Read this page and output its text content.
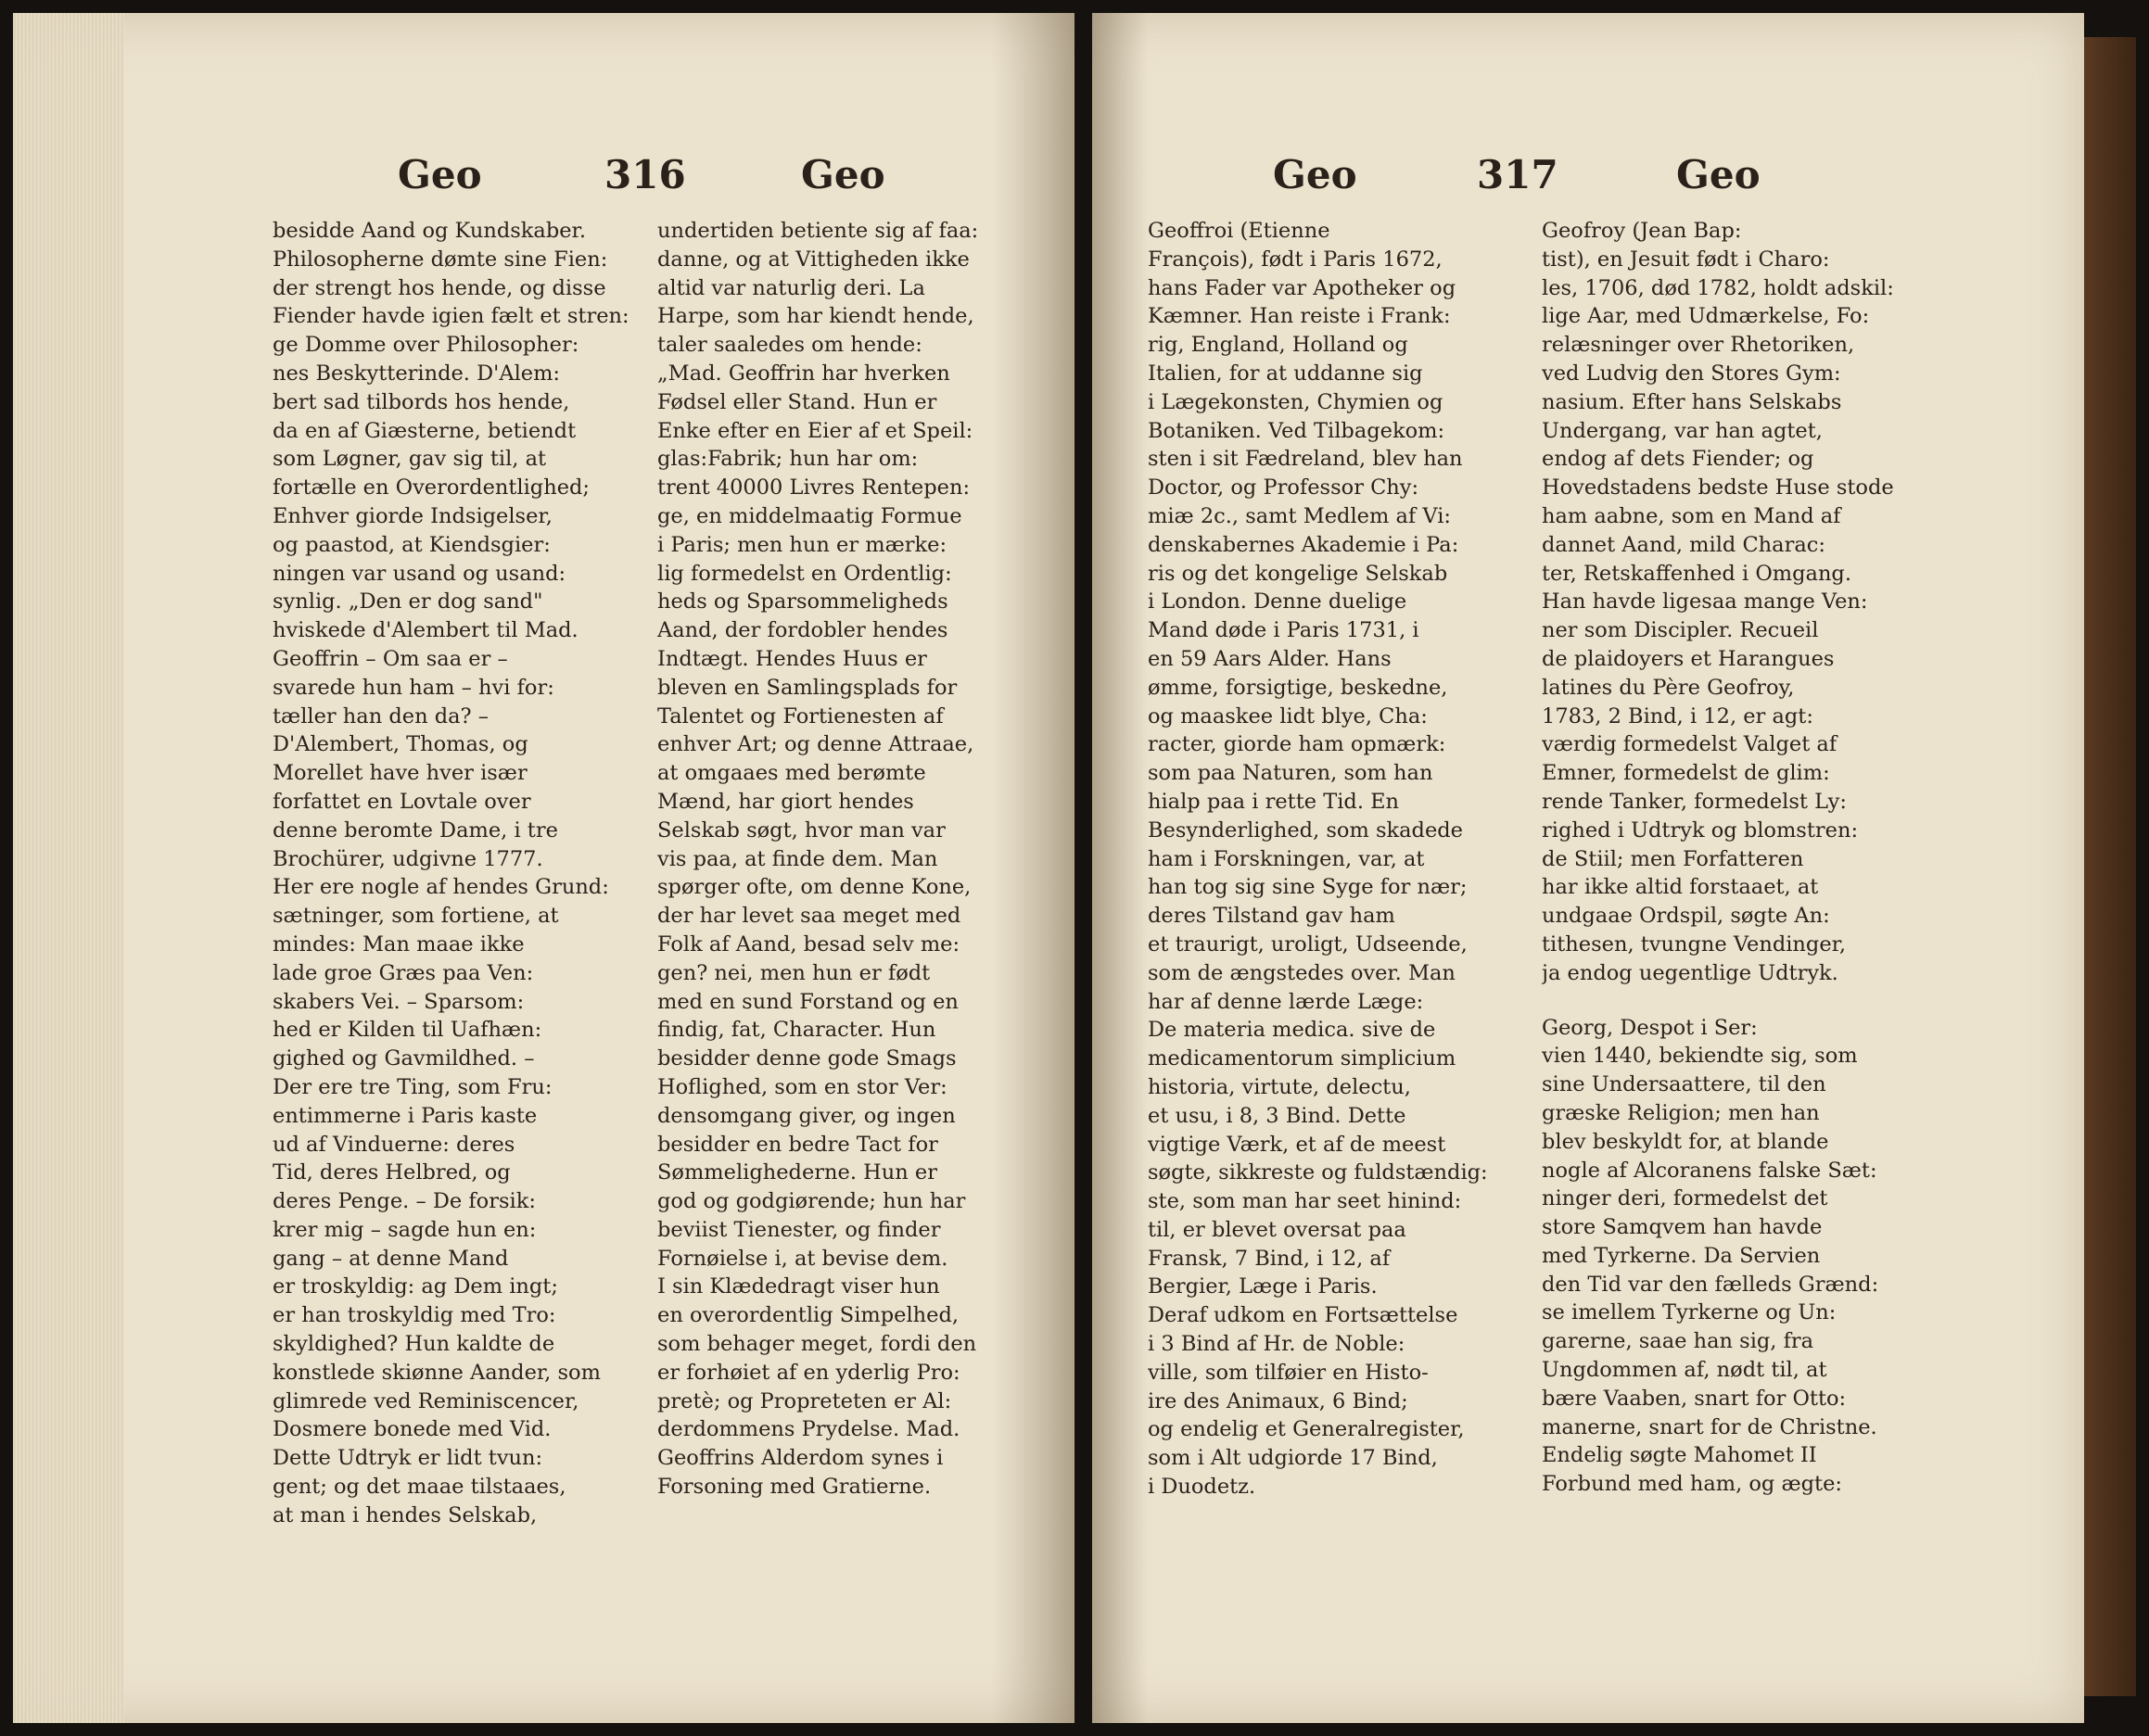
Geo	316	Geo
besidde Aand og Kundskaber.
Philosopherne dømte sine Fien:
der strengt hos hende, og disse
Fiender havde igien fælt et stren:
ge Domme over Philosopher:
nes Beskytterinde. D'Alem:
bert sad tilbords hos hende,
da en af Giæsterne, betiendt
som Løgner, gav sig til, at
fortælle en Overordentlighed;
Enhver giorde Indsigelser,
og paastod, at Kiendsgier:
ningen var usand og usand:
synlig. „Den er dog sand"
hviskede d'Alembert til Mad.
Geoffrin – Om saa er –
svarede hun ham – hvi for:
tæller han den da? –
D'Alembert, Thomas, og
Morellet have hver især
forfattet en Lovtale over
denne beromte Dame, i tre
Brochürer, udgivne 1777.
Her ere nogle af hendes Grund:
sætninger, som fortiene, at
mindes: Man maae ikke
lade groe Græs paa Ven:
skabers Vei. – Sparsom:
hed er Kilden til Uafhæn:
gighed og Gavmildhed. –
Der ere tre Ting, som Fru:
entimmerne i Paris kaste
ud af Vinduerne: deres
Tid, deres Helbred, og
deres Penge. – De forsik:
krer mig – sagde hun en:
gang – at denne Mand
er troskyldig: ag Dem ingt;
er han troskyldig med Tro:
skyldighed? Hun kaldte de
konstlede skiønne Aander, som
glimrede ved Reminiscencer,
Dosmere bonede med Vid.
Dette Udtryk er lidt tvun:
gent; og det maae tilstaaes,
at man i hendes Selskab,
undertiden betiente sig af faa:
danne, og at Vittigheden ikke
altid var naturlig deri. La
Harpe, som har kiendt hende,
taler saaledes om hende:
„Mad. Geoffrin har hverken
Fødsel eller Stand. Hun er
Enke efter en Eier af et Speil:
glas:Fabrik; hun har om:
trent 40000 Livres Rentepen:
ge, en middelmaatig Formue
i Paris; men hun er mærke:
lig formedelst en Ordentlig:
heds og Sparsommeligheds
Aand, der fordobler hendes
Indtægt. Hendes Huus er
bleven en Samlingsplads for
Talentet og Fortienesten af
enhver Art; og denne Attraae,
at omgaaes med berømte
Mænd, har giort hendes
Selskab søgt, hvor man var
vis paa, at finde dem. Man
spørger ofte, om denne Kone,
der har levet saa meget med
Folk af Aand, besad selv me:
gen? nei, men hun er født
med en sund Forstand og en
findig, fat, Character. Hun
besidder denne gode Smags
Hoflighed, som en stor Ver:
densomgang giver, og ingen
besidder en bedre Tact for
Sømmelighederne. Hun er
god og godgiørende; hun har
beviist Tienester, og finder
Fornøielse i, at bevise dem.
I sin Klædedragt viser hun
en overordentlig Simpelhed,
som behager meget, fordi den
er forhøiet af en yderlig Pro:
pretè; og Propreteten er Al:
derdommens Prydelse. Mad.
Geoffrins Alderdom synes i
Forsoning med Gratierne.
Geo	317	Geo
Geoffroi (Etienne
François), født i Paris 1672,
hans Fader var Apotheker og
Kæmner. Han reiste i Frank:
rig, England, Holland og
Italien, for at uddanne sig
i Lægekonsten, Chymien og
Botaniken. Ved Tilbagekom:
sten i sit Fædreland, blev han
Doctor, og Professor Chy:
miæ 2c., samt Medlem af Vi:
denskabernes Akademie i Pa:
ris og det kongelige Selskab
i London. Denne duelige
Mand døde i Paris 1731, i
en 59 Aars Alder. Hans
ømme, forsigtige, beskedne,
og maaskee lidt blye, Cha:
racter, giorde ham opmærk:
som paa Naturen, som han
hialp paa i rette Tid. En
Besynderlighed, som skadede
ham i Forskningen, var, at
han tog sig sine Syge for nær;
deres Tilstand gav ham
et traurigt, uroligt, Udseende,
som de ængstedes over. Man
har af denne lærde Læge:
De materia medica. sive de
medicamentorum simplicium
historia, virtute, delectu,
et usu, i 8, 3 Bind. Dette
vigtige Værk, et af de meest
søgte, sikkreste og fuldstændig:
ste, som man har seet hinind:
til, er blevet oversat paa
Fransk, 7 Bind, i 12, af
Bergier, Læge i Paris.
Deraf udkom en Fortsættelse
i 3 Bind af Hr. de Noble:
ville, som tilføier en Histo-
ire des Animaux, 6 Bind;
og endelig et Generalregister,
som i Alt udgiorde 17 Bind,
i Duodetz.
Geofroy (Jean Bap:
tist), en Jesuit født i Charo:
les, 1706, død 1782, holdt adskil:
lige Aar, med Udmærkelse, Fo:
relæsninger over Rhetoriken,
ved Ludvig den Stores Gym:
nasium. Efter hans Selskabs
Undergang, var han agtet,
endog af dets Fiender; og
Hovedstadens bedste Huse stode
ham aabne, som en Mand af
dannet Aand, mild Charac:
ter, Retskaffenhed i Omgang.
Han havde ligesaa mange Ven:
ner som Discipler. Recueil
de plaidoyers et Harangues
latines du Père Geofroy,
1783, 2 Bind, i 12, er agt:
værdig formedelst Valget af
Emner, formedelst de glim:
rende Tanker, formedelst Ly:
righed i Udtryk og blomstren:
de Stiil; men Forfatteren
har ikke altid forstaaet, at
undgaae Ordspil, søgte An:
tithesen, tvungne Vendinger,
ja endog uegentlige Udtryk.
Georg, Despot i Ser:
vien 1440, bekiendte sig, som
sine Undersaattere, til den
græske Religion; men han
blev beskyldt for, at blande
nogle af Alcoranens falske Sæt:
ninger deri, formedelst det
store Samqvem han havde
med Tyrkerne. Da Servien
den Tid var den fælleds Grænd:
se imellem Tyrkerne og Un:
garerne, saae han sig, fra
Ungdommen af, nødt til, at
bære Vaaben, snart for Otto:
manerne, snart for de Christne.
Endelig søgte Mahomet II
Forbund med ham, og ægte:
